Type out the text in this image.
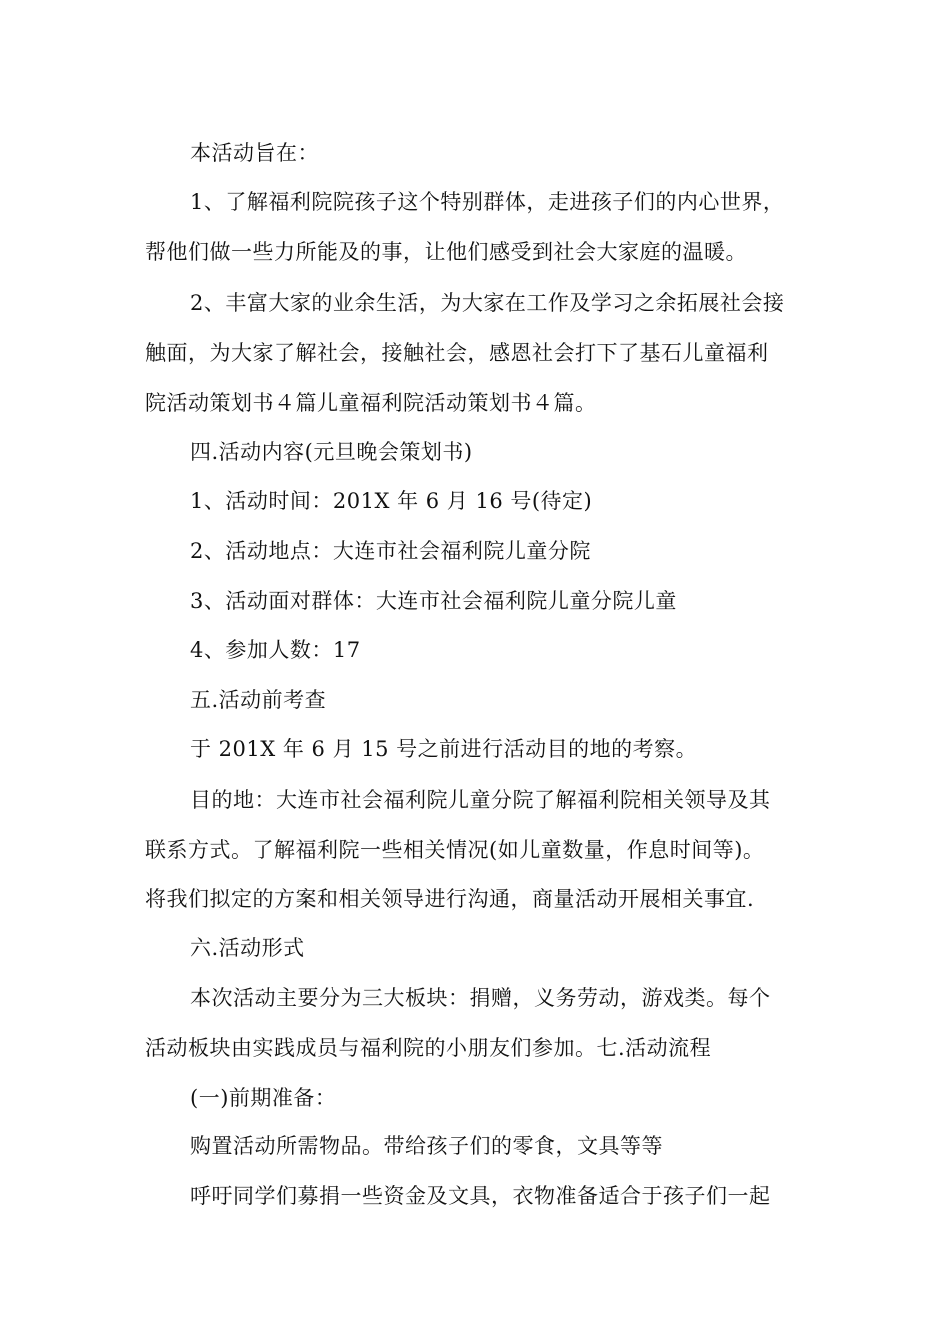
本活动旨在：

1、了解福利院院孩子这个特别群体，走进孩子们的内心世界，

帮他们做一些力所能及的事，让他们感受到社会大家庭的温暖。

2、丰富大家的业余生活，为大家在工作及学习之余拓展社会接

触面，为大家了解社会，接触社会，感恩社会打下了基石儿童福利

院活动策划书４篇儿童福利院活动策划书４篇。

四.活动内容(元旦晚会策划书)

1、活动时间：201X 年 6 月 16 号(待定)

2、活动地点：大连市社会福利院儿童分院

3、活动面对群体：大连市社会福利院儿童分院儿童

4、参加人数：17

五.活动前考查

于 201X 年 6 月 15 号之前进行活动目的地的考察。

目的地：大连市社会福利院儿童分院了解福利院相关领导及其

联系方式。了解福利院一些相关情况(如儿童数量，作息时间等)。

将我们拟定的方案和相关领导进行沟通，商量活动开展相关事宜.

六.活动形式

本次活动主要分为三大板块：捐赠，义务劳动，游戏类。每个

活动板块由实践成员与福利院的小朋友们参加。七.活动流程

(一)前期准备：

购置活动所需物品。带给孩子们的零食，文具等等

呼吁同学们募捐一些资金及文具，衣物准备适合于孩子们一起
